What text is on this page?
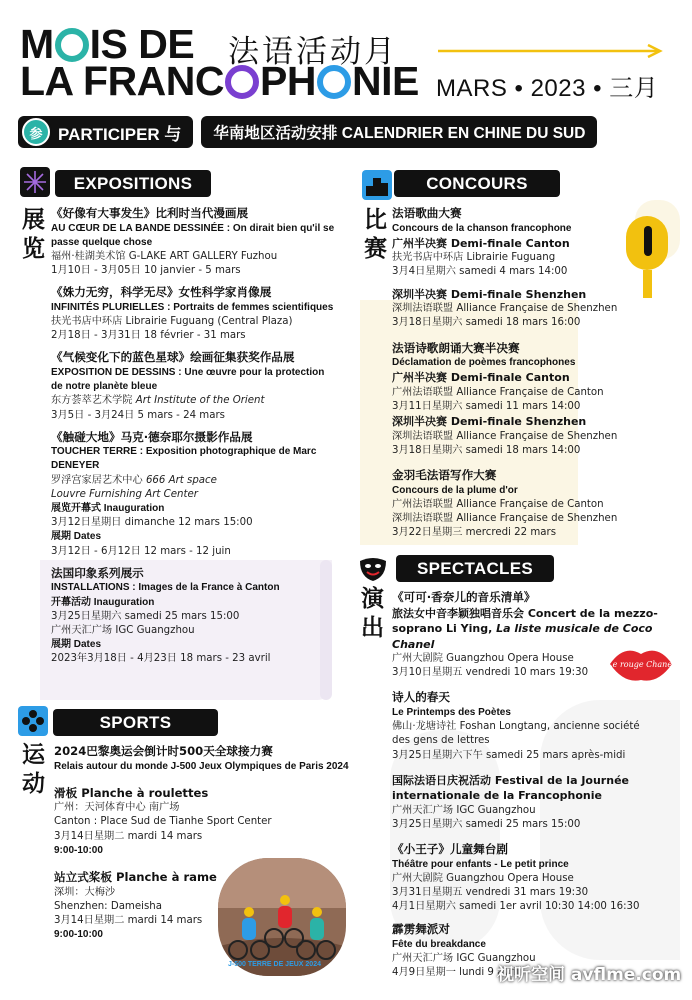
M IS DE
LA FRANC PH NIE
法语活动月
MARS • 2023 • 三月
参 PARTICIPER 与 华南地区活动安排 CALENDRIER EN CHINE DU SUD
EXPOSITIONS
展览
《好像有大事发生》比利时当代漫画展
AU CŒUR DE LA BANDE DESSINÉE : On dirait bien qu'il se passe quelque chose
福州·桂湖美术馆 G-LAKE ART GALLERY Fuzhou
1月10日 - 3月05日 10 janvier - 5 mars
《姝力无穷，科学无尽》女性科学家肖像展
INFINITÉS PLURIELLES : Portraits de femmes scientifiques
扶光书店中环店 Librairie Fuguang (Central Plaza)
2月18日 - 3月31日 18 février - 31 mars
《气候变化下的蓝色星球》绘画征集获奖作品展
EXPOSITION DE DESSINS : Une œuvre pour la protection de notre planète bleue
东方荟萃艺术学院 Art Institute of the Orient
3月5日 - 3月24日 5 mars - 24 mars
《触碰大地》马克·德奈耶尔摄影作品展
TOUCHER TERRE : Exposition photographique de Marc DENEYER
罗浮宫家居艺术中心 666 Art space
Louvre Furnishing Art Center
展览开幕式 Inauguration
3月12日星期日 dimanche 12 mars 15:00
展期 Dates
3月12日 - 6月12日 12 mars - 12 juin
法国印象系列展示
INSTALLATIONS : Images de la France à Canton
开幕活动 Inauguration
3月25日星期六 samedi 25 mars 15:00
广州天汇广场 IGC Guangzhou
展期 Dates
2023年3月18日 - 4月23日 18 mars - 23 avril
SPORTS
运动
2024巴黎奥运会倒计时500天全球接力赛
Relais autour du monde J-500 Jeux Olympiques de Paris 2024
滑板 Planche à roulettes
广州：天河体育中心 南广场
Canton : Place Sud de Tianhe Sport Center
3月14日星期二 mardi 14 mars
9:00-10:00
站立式桨板 Planche à rame
深圳：大梅沙
Shenzhen: Dameisha
3月14日星期二 mardi 14 mars
9:00-10:00
J-500 TERRE DE JEUX 2024
CONCOURS
比赛
法语歌曲大赛
Concours de la chanson francophone
广州半决赛 Demi-finale Canton
扶光书店中环店 Librairie Fuguang
3月4日星期六 samedi 4 mars 14:00
深圳半决赛 Demi-finale Shenzhen
深圳法语联盟 Alliance Française de Shenzhen
3月18日星期六 samedi 18 mars 16:00
法语诗歌朗诵大赛半决赛
Déclamation de poèmes francophones
广州半决赛 Demi-finale Canton
广州法语联盟 Alliance Française de Canton
3月11日星期六 samedi 11 mars 14:00
深圳半决赛 Demi-finale Shenzhen
深圳法语联盟 Alliance Française de Shenzhen
3月18日星期六 samedi 18 mars 14:00
金羽毛法语写作大赛
Concours de la plume d'or
广州法语联盟 Alliance Française de Canton
深圳法语联盟 Alliance Française de Shenzhen
3月22日星期三 mercredi 22 mars
SPECTACLES
演出
Le rouge Chanel
《可可·香奈儿的音乐清单》
旅法女中音李颖独唱音乐会 Concert de la mezzo-soprano Li Ying, La liste musicale de Coco Chanel
广州大剧院 Guangzhou Opera House
3月10日星期五 vendredi 10 mars 19:30
诗人的春天
Le Printemps des Poètes
佛山·龙塘诗社 Foshan Longtang, ancienne société des gens de lettres
3月25日星期六下午 samedi 25 mars après-midi
国际法语日庆祝活动 Festival de la Journée internationale de la Francophonie
广州天汇广场 IGC Guangzhou
3月25日星期六 samedi 25 mars 15:00
《小王子》儿童舞台剧
Théâtre pour enfants - Le petit prince
广州大剧院 Guangzhou Opera House
3月31日星期五 vendredi 31 mars 19:30
4月1日星期六 samedi 1er avril 10:30 14:00 16:30
霹雳舞派对
Fête du breakdance
广州天汇广场 IGC Guangzhou
4月9日星期一 lundi 9 avril
视听空间 avflme.com
